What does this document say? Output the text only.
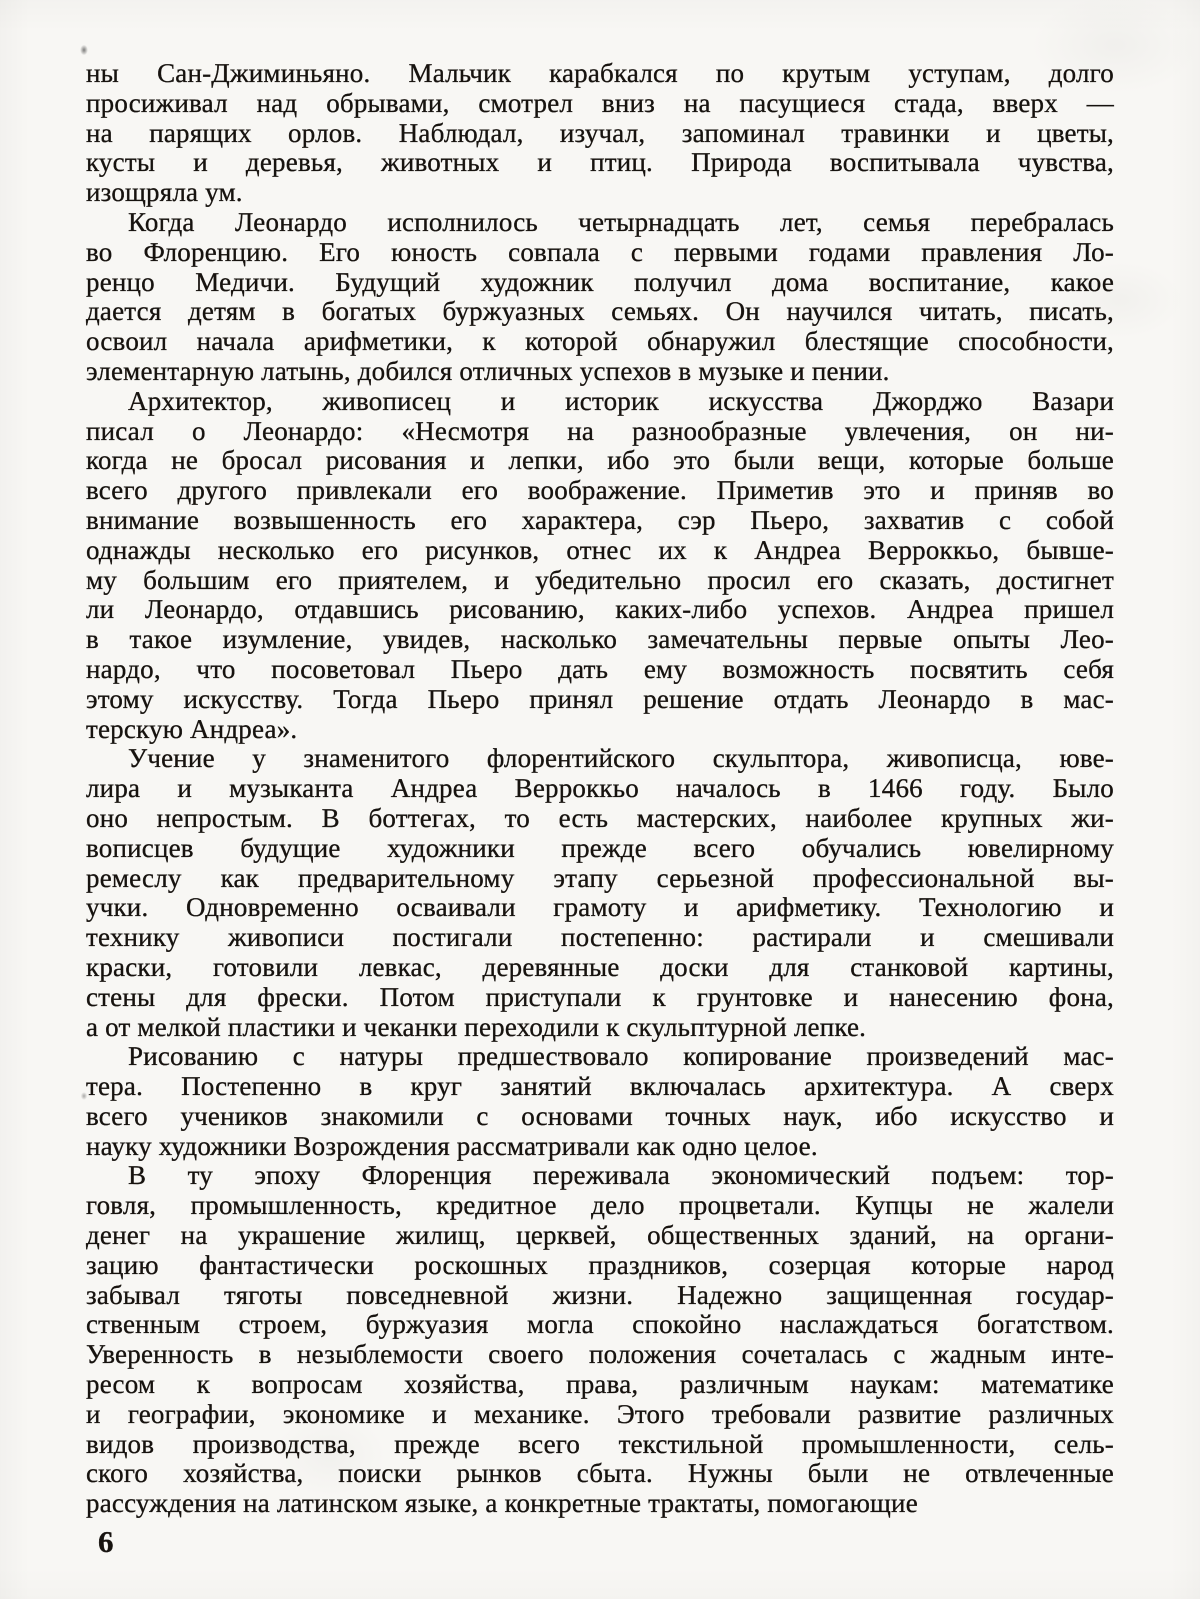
ны Сан-Джиминьяно. Мальчик карабкался по крутым уступам, долго
просиживал над обрывами, смотрел вниз на пасущиеся стада, вверх —
на парящих орлов. Наблюдал, изучал, запоминал травинки и цветы,
кусты и деревья, животных и птиц. Природа воспитывала чувства,
изощряла ум.
Когда Леонардо исполнилось четырнадцать лет, семья перебралась
во Флоренцию. Его юность совпала с первыми годами правления Ло-
ренцо Медичи. Будущий художник получил дома воспитание, какое
дается детям в богатых буржуазных семьях. Он научился читать, писать,
освоил начала арифметики, к которой обнаружил блестящие способности,
элементарную латынь, добился отличных успехов в музыке и пении.
Архитектор, живописец и историк искусства Джорджо Вазари
писал о Леонардо: «Несмотря на разнообразные увлечения, он ни-
когда не бросал рисования и лепки, ибо это были вещи, которые больше
всего другого привлекали его воображение. Приметив это и приняв во
внимание возвышенность его характера, сэр Пьеро, захватив с собой
однажды несколько его рисунков, отнес их к Андреа Верроккьо, бывше-
му большим его приятелем, и убедительно просил его сказать, достигнет
ли Леонардо, отдавшись рисованию, каких-либо успехов. Андреа пришел
в такое изумление, увидев, насколько замечательны первые опыты Лео-
нардо, что посоветовал Пьеро дать ему возможность посвятить себя
этому искусству. Тогда Пьеро принял решение отдать Леонардо в мас-
терскую Андреа».
Учение у знаменитого флорентийского скульптора, живописца, юве-
лира и музыканта Андреа Верроккьо началось в 1466 году. Было
оно непростым. В боттегах, то есть мастерских, наиболее крупных жи-
вописцев будущие художники прежде всего обучались ювелирному
ремеслу как предварительному этапу серьезной профессиональной вы-
учки. Одновременно осваивали грамоту и арифметику. Технологию и
технику живописи постигали постепенно: растирали и смешивали
краски, готовили левкас, деревянные доски для станковой картины,
стены для фрески. Потом приступали к грунтовке и нанесению фона,
а от мелкой пластики и чеканки переходили к скульптурной лепке.
Рисованию с натуры предшествовало копирование произведений мас-
тера. Постепенно в круг занятий включалась архитектура. А сверх
всего учеников знакомили с основами точных наук, ибо искусство и
науку художники Возрождения рассматривали как одно целое.
В ту эпоху Флоренция переживала экономический подъем: тор-
говля, промышленность, кредитное дело процветали. Купцы не жалели
денег на украшение жилищ, церквей, общественных зданий, на органи-
зацию фантастически роскошных праздников, созерцая которые народ
забывал тяготы повседневной жизни. Надежно защищенная государ-
ственным строем, буржуазия могла спокойно наслаждаться богатством.
Уверенность в незыблемости своего положения сочеталась с жадным инте-
ресом к вопросам хозяйства, права, различным наукам: математике
и географии, экономике и механике. Этого требовали развитие различных
видов производства, прежде всего текстильной промышленности, сель-
ского хозяйства, поиски рынков сбыта. Нужны были не отвлеченные
рассуждения на латинском языке, а конкретные трактаты, помогающие
6
